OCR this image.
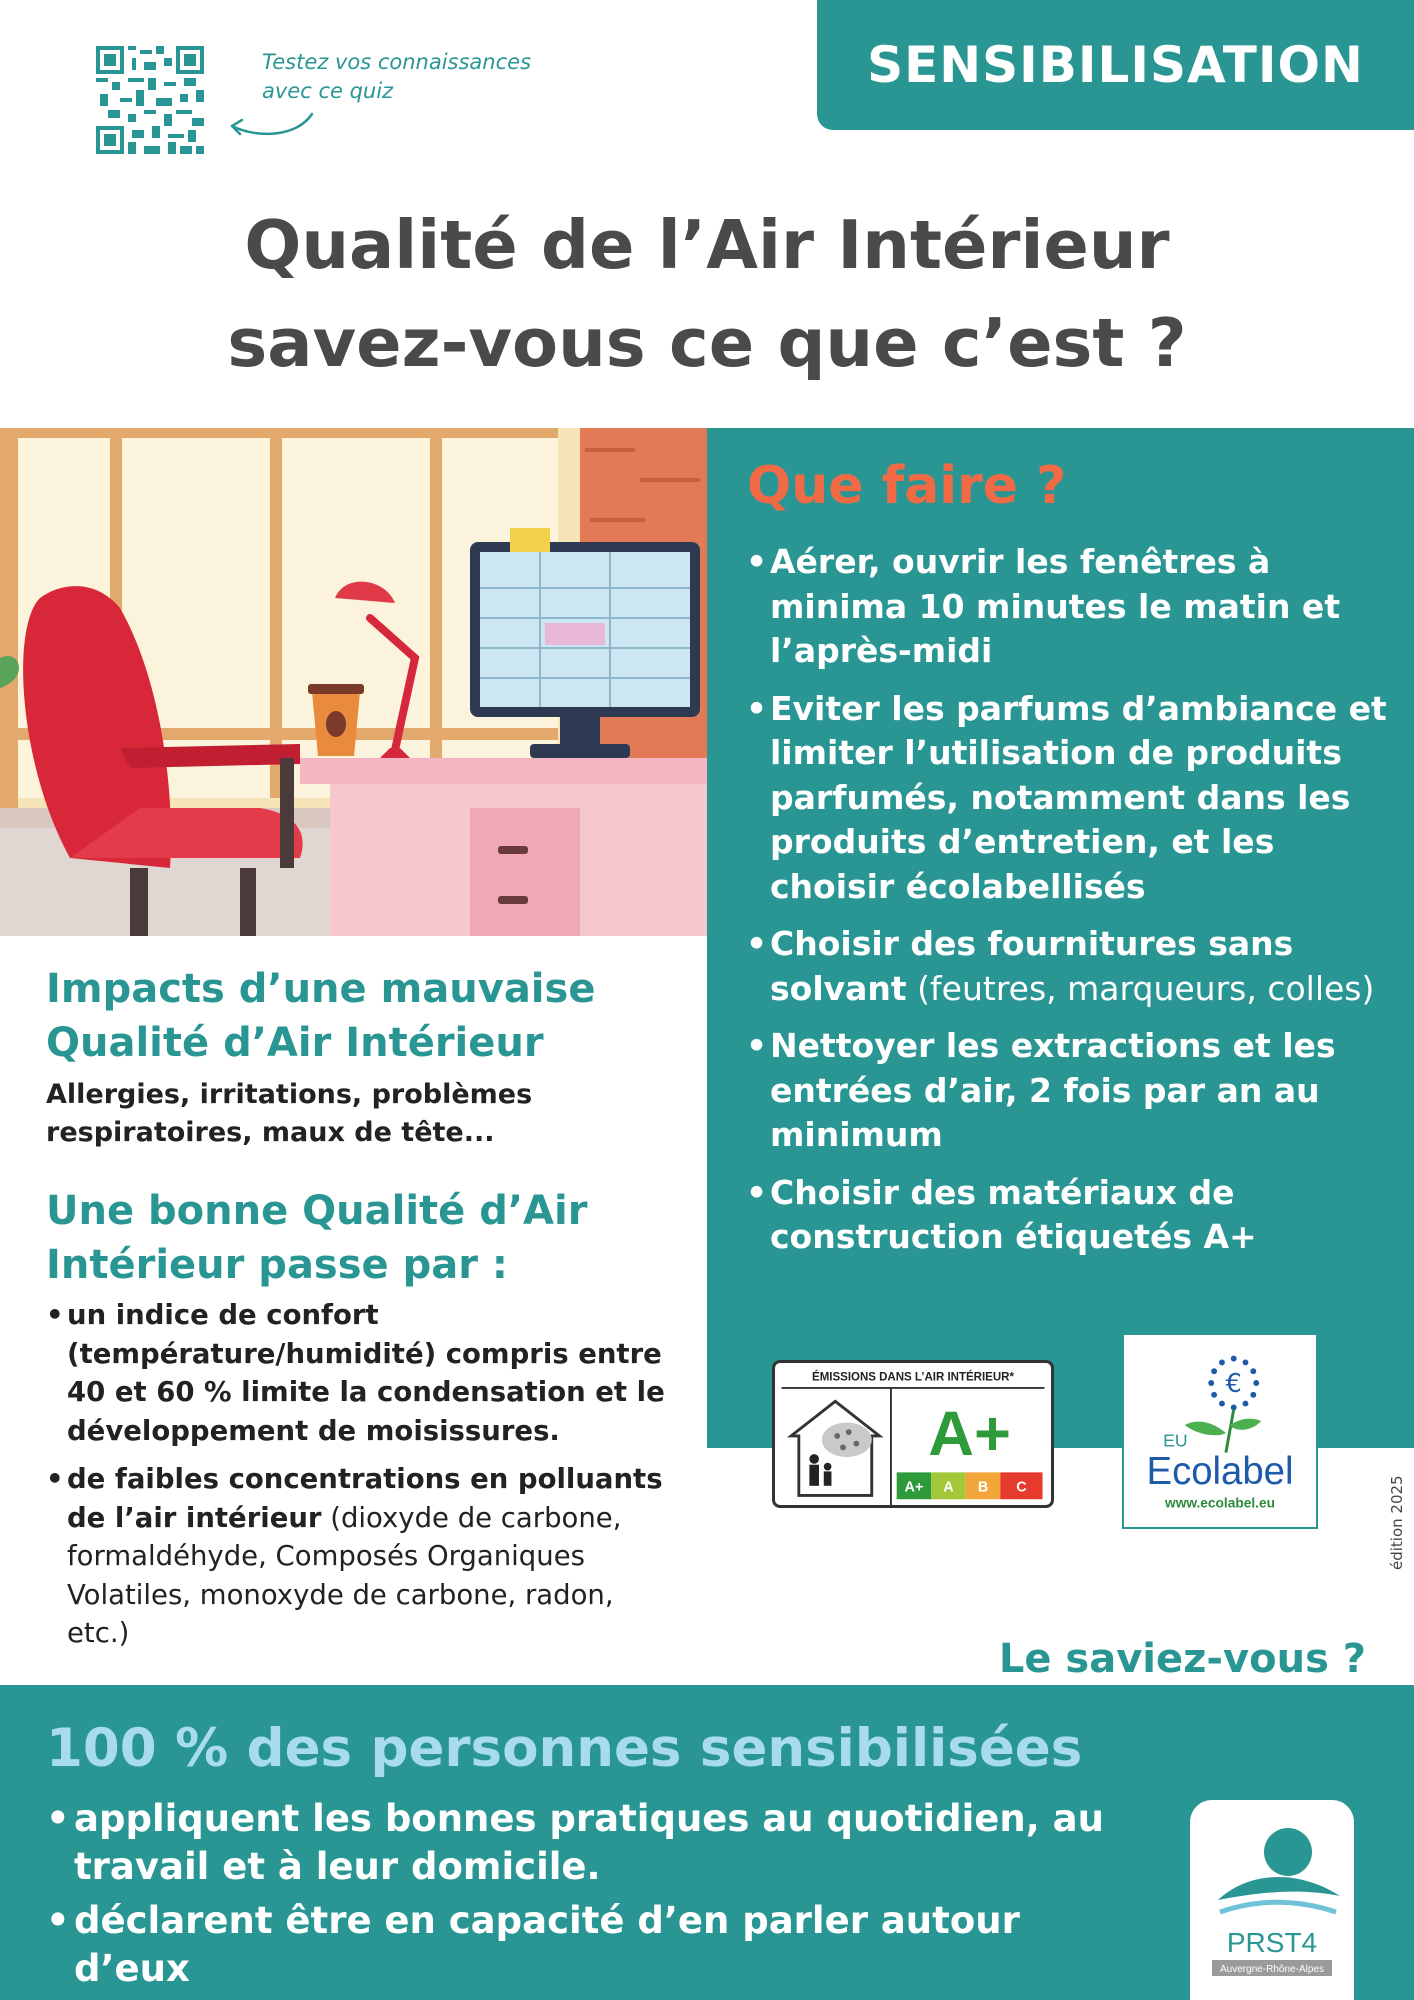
Testez vos connaissances
avec ce quiz	SENSIBILISATION
Qualité de l’Air Intérieur
savez-vous ce que c’est ?
Que faire ?
• Aérer, ouvrir les fenêtres à minima 10 minutes le matin et l’après-midi
• Eviter les parfums d’ambiance et limiter l’utilisation de produits parfumés, notamment dans les produits d’entretien, et les choisir écolabellisés
• Choisir des fournitures sans solvant (feutres, marqueurs, colles)
• Nettoyer les extractions et les entrées d’air, 2 fois par an au minimum
• Choisir des matériaux de construction étiquetés A+
ÉMISSIONS DANS L’AIR INTÉRIEUR*
A+
A+ A B C
€
EU
Ecolabel
www.ecolabel.eu	édition 2025
Impacts d’une mauvaise Qualité d’Air Intérieur

Allergies, irritations, problèmes respiratoires, maux de tête...

Une bonne Qualité d’Air Intérieur passe par :
• un indice de confort (température/humidité) compris entre 40 et 60 % limite la condensation et le développement de moisissures.
• de faibles concentrations en polluants de l’air intérieur (dioxyde de carbone, formaldéhyde, Composés Organiques Volatiles, monoxyde de carbone, radon, etc.)
Le saviez-vous ?
100 % des personnes sensibilisées
• appliquent les bonnes pratiques au quotidien, au travail et à leur domicile.
• déclarent être en capacité d’en parler autour d’eux
PRST4
Auvergne-Rhône-Alpes
